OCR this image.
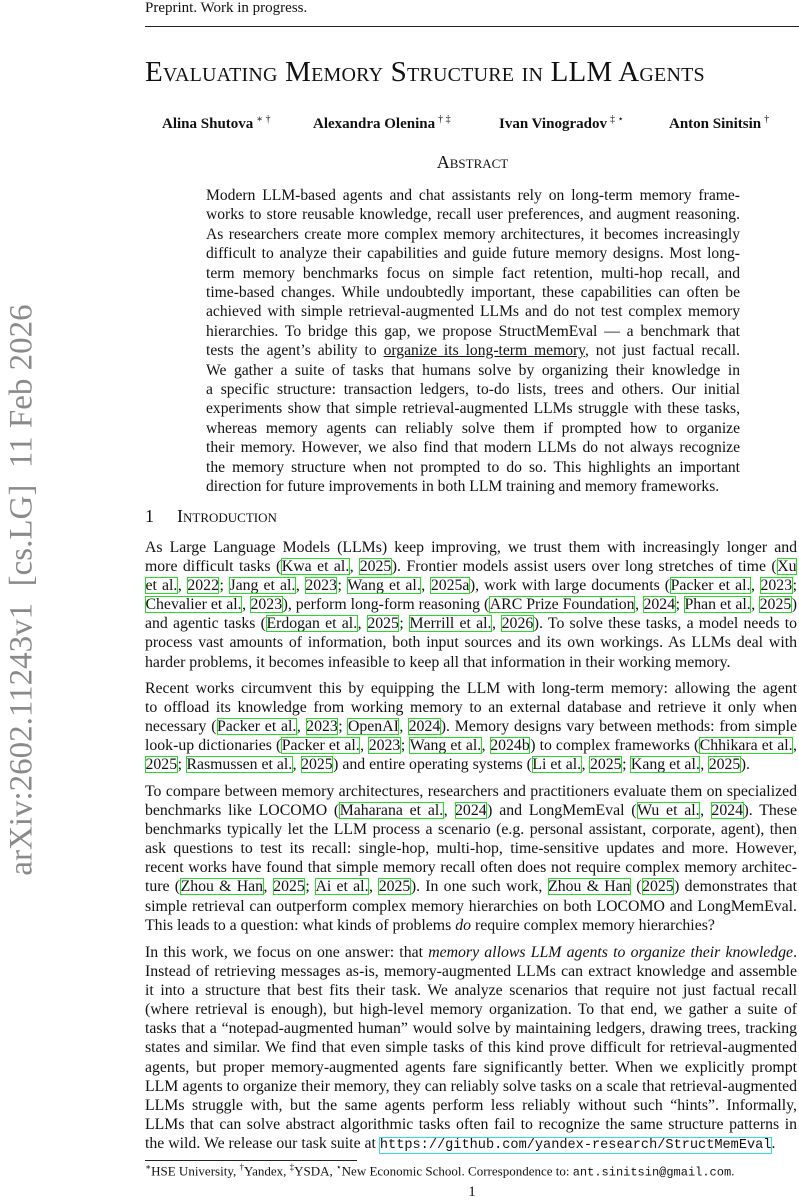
arXiv:2602.11243v1  [cs.LG]  11 Feb 2026
Preprint. Work in progress.
Evaluating Memory Structure in LLM Agents
Alina Shutova ∗ †	Alexandra Olenina † ‡	Ivan Vinogradov ‡ ⋆	Anton Sinitsin †
Abstract
Modern LLM-based agents and chat assistants rely on long-term memory frame-
works to store reusable knowledge, recall user preferences, and augment reasoning.
As researchers create more complex memory architectures, it becomes increasingly
difficult to analyze their capabilities and guide future memory designs. Most long-
term memory benchmarks focus on simple fact retention, multi-hop recall, and
time-based changes. While undoubtedly important, these capabilities can often be
achieved with simple retrieval-augmented LLMs and do not test complex memory
hierarchies. To bridge this gap, we propose StructMemEval — a benchmark that
tests the agent’s ability to organize its long-term memory, not just factual recall.
We gather a suite of tasks that humans solve by organizing their knowledge in
a specific structure: transaction ledgers, to-do lists, trees and others. Our initial
experiments show that simple retrieval-augmented LLMs struggle with these tasks,
whereas memory agents can reliably solve them if prompted how to organize
their memory. However, we also find that modern LLMs do not always recognize
the memory structure when not prompted to do so. This highlights an important
direction for future improvements in both LLM training and memory frameworks.
1 Introduction
As Large Language Models (LLMs) keep improving, we trust them with increasingly longer and
more difficult tasks (Kwa et al., 2025). Frontier models assist users over long stretches of time (Xu
et al., 2022; Jang et al., 2023; Wang et al., 2025a), work with large documents (Packer et al., 2023;
Chevalier et al., 2023), perform long-form reasoning (ARC Prize Foundation, 2024; Phan et al., 2025)
and agentic tasks (Erdogan et al., 2025; Merrill et al., 2026). To solve these tasks, a model needs to
process vast amounts of information, both input sources and its own workings. As LLMs deal with
harder problems, it becomes infeasible to keep all that information in their working memory.
Recent works circumvent this by equipping the LLM with long-term memory: allowing the agent
to offload its knowledge from working memory to an external database and retrieve it only when
necessary (Packer et al., 2023; OpenAI, 2024). Memory designs vary between methods: from simple
look-up dictionaries (Packer et al., 2023; Wang et al., 2024b) to complex frameworks (Chhikara et al.,
2025; Rasmussen et al., 2025) and entire operating systems (Li et al., 2025; Kang et al., 2025).
To compare between memory architectures, researchers and practitioners evaluate them on specialized
benchmarks like LOCOMO (Maharana et al., 2024) and LongMemEval (Wu et al., 2024). These
benchmarks typically let the LLM process a scenario (e.g. personal assistant, corporate, agent), then
ask questions to test its recall: single-hop, multi-hop, time-sensitive updates and more. However,
recent works have found that simple memory recall often does not require complex memory architec-
ture (Zhou & Han, 2025; Ai et al., 2025). In one such work, Zhou & Han (2025) demonstrates that
simple retrieval can outperform complex memory hierarchies on both LOCOMO and LongMemEval.
This leads to a question: what kinds of problems do require complex memory hierarchies?
In this work, we focus on one answer: that memory allows LLM agents to organize their knowledge.
Instead of retrieving messages as-is, memory-augmented LLMs can extract knowledge and assemble
it into a structure that best fits their task. We analyze scenarios that require not just factual recall
(where retrieval is enough), but high-level memory organization. To that end, we gather a suite of
tasks that a “notepad-augmented human” would solve by maintaining ledgers, drawing trees, tracking
states and similar. We find that even simple tasks of this kind prove difficult for retrieval-augmented
agents, but proper memory-augmented agents fare significantly better. When we explicitly prompt
LLM agents to organize their memory, they can reliably solve tasks on a scale that retrieval-augmented
LLMs struggle with, but the same agents perform less reliably without such “hints”. Informally,
LLMs that can solve abstract algorithmic tasks often fail to recognize the same structure patterns in
the wild. We release our task suite at https://github.com/yandex-research/StructMemEval.
∗HSE University, †Yandex, ‡YSDA, ⋆New Economic School. Correspondence to: ant.sinitsin@gmail.com.
1
